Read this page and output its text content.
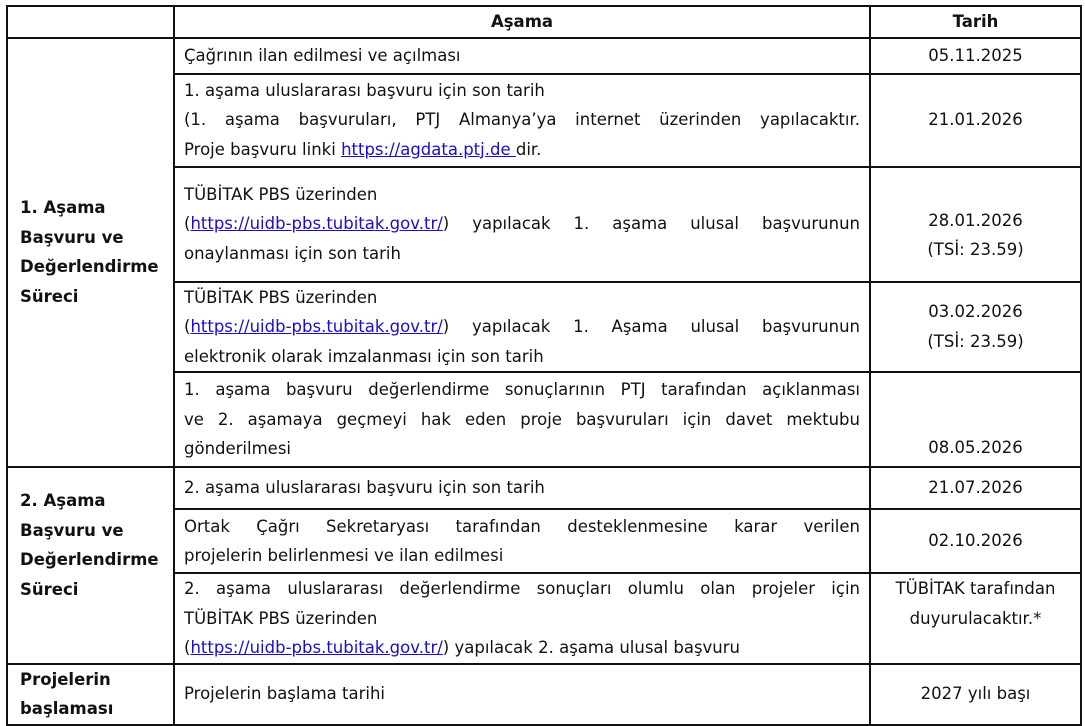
	Aşama	Tarih

1. Aşama
Başvuru ve
Değerlendirme
Süreci	Çağrının ilan edilmesi ve açılması	05.11.2025

	1. aşama uluslararası başvuru için son tarih
(1. aşama başvuruları, PTJ Almanya’ya internet üzerinden yapılacaktır.
Proje başvuru linki https://agdata.ptj.de dir.	21.01.2026

	TÜBİTAK PBS üzerinden
(https://uidb-pbs.tubitak.gov.tr/) yapılacak 1. aşama ulusal başvurunun
onaylanması için son tarih	28.01.2026
(TSİ: 23.59)

	TÜBİTAK PBS üzerinden
(https://uidb-pbs.tubitak.gov.tr/) yapılacak 1. Aşama ulusal başvurunun
elektronik olarak imzalanması için son tarih	03.02.2026
(TSİ: 23.59)

	1. aşama başvuru değerlendirme sonuçlarının PTJ tarafından açıklanması
ve 2. aşamaya geçmeyi hak eden proje başvuruları için davet mektubu
gönderilmesi	08.05.2026

2. Aşama
Başvuru ve
Değerlendirme
Süreci	2. aşama uluslararası başvuru için son tarih	21.07.2026

	Ortak Çağrı Sekretaryası tarafından desteklenmesine karar verilen
projelerin belirlenmesi ve ilan edilmesi	02.10.2026

	2. aşama uluslararası değerlendirme sonuçları olumlu olan projeler için
TÜBİTAK PBS üzerinden
(https://uidb-pbs.tubitak.gov.tr/) yapılacak 2. aşama ulusal başvuru	TÜBİTAK tarafından
duyurulacaktır.*

Projelerin
başlaması	Projelerin başlama tarihi	2027 yılı başı
